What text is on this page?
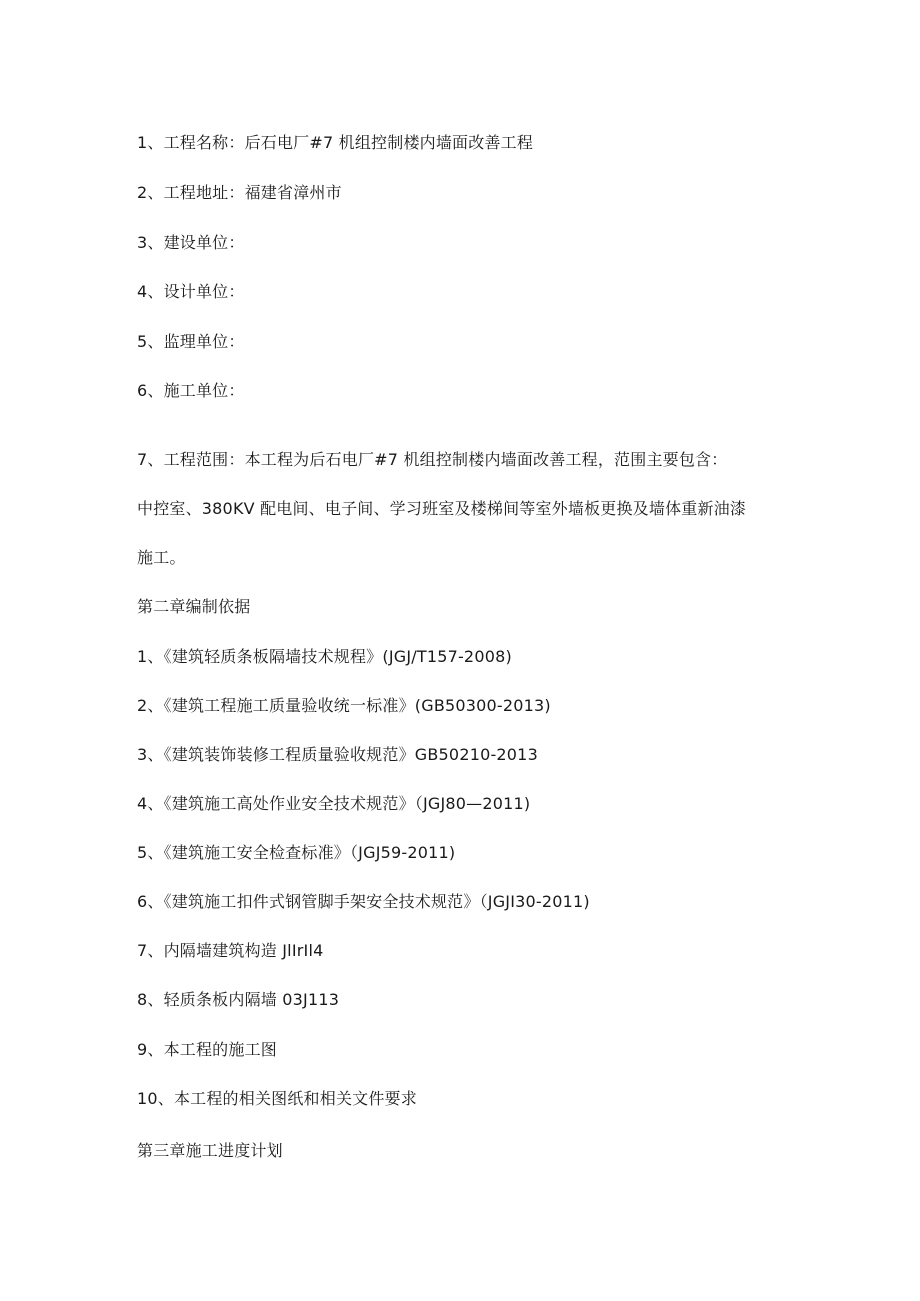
1、工程名称：后石电厂#7 机组控制楼内墙面改善工程
2、工程地址：福建省漳州市
3、建设单位：
4、设计单位：
5、监理单位：
6、施工单位：
7、工程范围：本工程为后石电厂#7 机组控制楼内墙面改善工程，范围主要包含：
中控室、380KV 配电间、电子间、学习班室及楼梯间等室外墙板更换及墙体重新油漆
施工。
第二章编制依据
1、《建筑轻质条板隔墙技术规程》(JGJ/T157-2008)
2、《建筑工程施工质量验收统一标准》(GB50300-2013)
3、《建筑装饰装修工程质量验收规范》GB50210-2013
4、《建筑施工高处作业安全技术规范》（JGJ80—2011)
5、《建筑施工安全检查标准》（JGJ59-2011)
6、《建筑施工扣件式钢管脚手架安全技术规范》（JGJI30-2011)
7、内隔墙建筑构造 JlIrIl4
8、轻质条板内隔墙 03J113
9、本工程的施工图
10、本工程的相关图纸和相关文件要求
第三章施工进度计划
